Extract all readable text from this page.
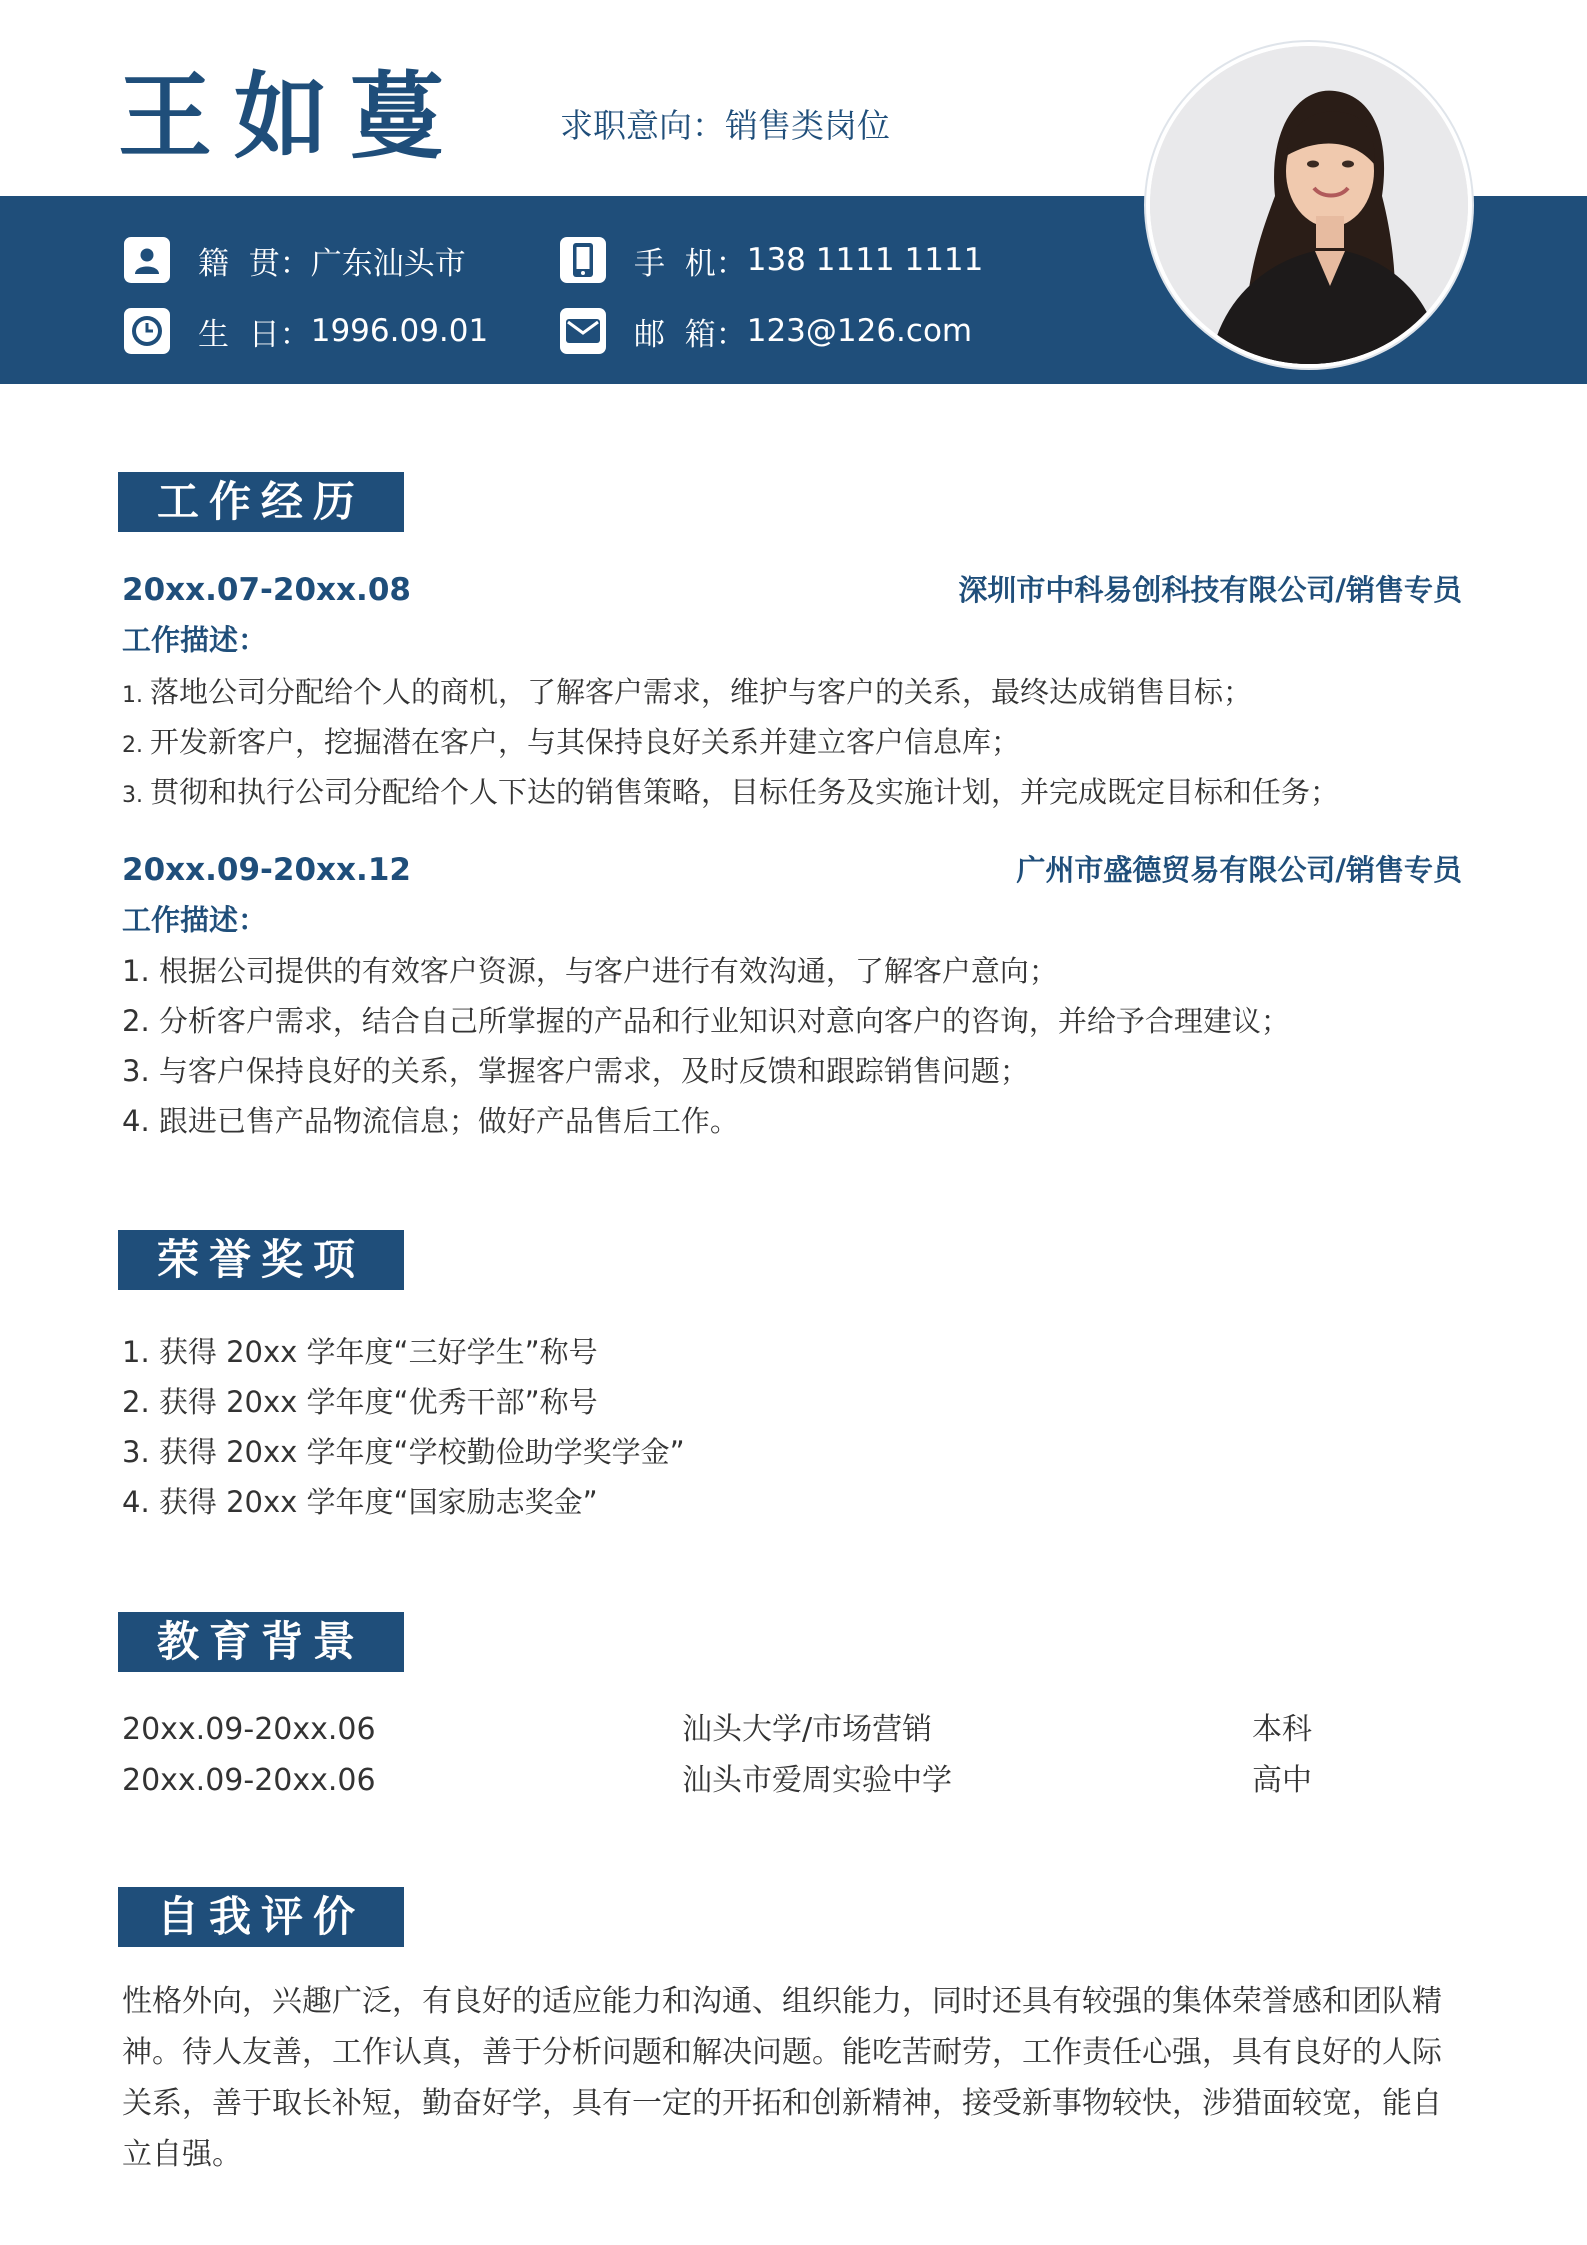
王如蔓	求职意向：销售类岗位
籍  贯： 广东汕头市	手  机： 138 1111 1111
生  日： 1996.09.01	邮  箱： 123@126.com
工作经历
20xx.07-20xx.08	深圳市中科易创科技有限公司/销售专员
工作描述：
1. 落地公司分配给个人的商机，了解客户需求，维护与客户的关系，最终达成销售目标；
2. 开发新客户，挖掘潜在客户，与其保持良好关系并建立客户信息库；
3. 贯彻和执行公司分配给个人下达的销售策略，目标任务及实施计划，并完成既定目标和任务；
20xx.09-20xx.12	广州市盛德贸易有限公司/销售专员
工作描述：
1. 根据公司提供的有效客户资源，与客户进行有效沟通，了解客户意向；
2. 分析客户需求，结合自己所掌握的产品和行业知识对意向客户的咨询，并给予合理建议；
3. 与客户保持良好的关系，掌握客户需求，及时反馈和跟踪销售问题；
4. 跟进已售产品物流信息；做好产品售后工作。
荣誉奖项
1. 获得 20xx 学年度“三好学生”称号
2. 获得 20xx 学年度“优秀干部”称号
3. 获得 20xx 学年度“学校勤俭助学奖学金”
4. 获得 20xx 学年度“国家励志奖金”
教育背景
20xx.09-20xx.06	汕头大学/市场营销	本科
20xx.09-20xx.06	汕头市爱周实验中学	高中
自我评价
性格外向，兴趣广泛，有良好的适应能力和沟通、组织能力，同时还具有较强的集体荣誉感和团队精神。待人友善，工作认真，善于分析问题和解决问题。能吃苦耐劳，工作责任心强，具有良好的人际关系，善于取长补短，勤奋好学，具有一定的开拓和创新精神，接受新事物较快，涉猎面较宽，能自立自强。
